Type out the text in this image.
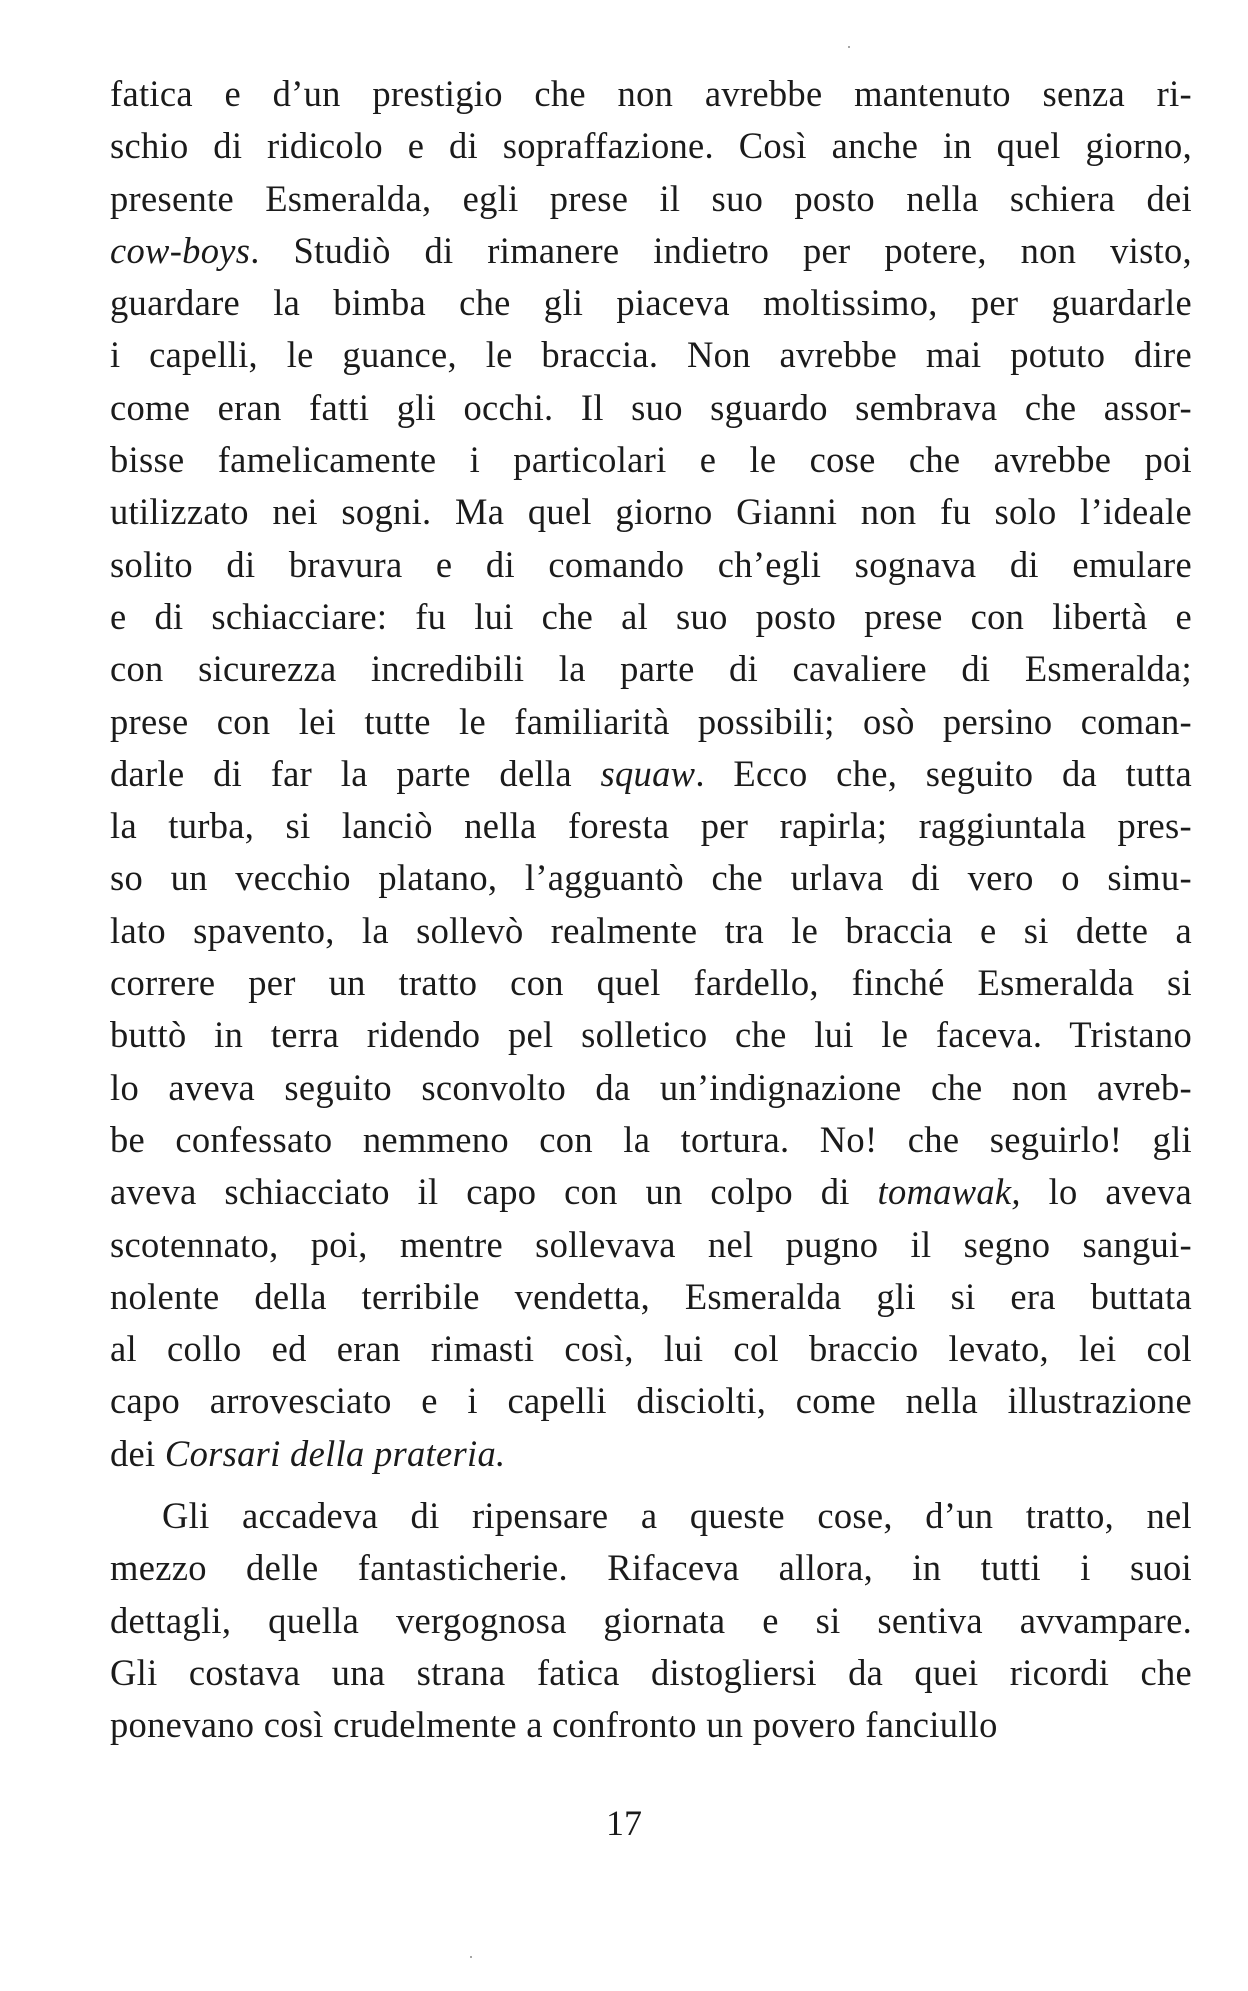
fatica e d’un prestigio che non avrebbe mantenuto senza ri-
schio di ridicolo e di sopraffazione. Così anche in quel giorno,
presente Esmeralda, egli prese il suo posto nella schiera dei
cow-boys. Studiò di rimanere indietro per potere, non visto,
guardare la bimba che gli piaceva moltissimo, per guardarle
i capelli, le guance, le braccia. Non avrebbe mai potuto dire
come eran fatti gli occhi. Il suo sguardo sembrava che assor-
bisse famelicamente i particolari e le cose che avrebbe poi
utilizzato nei sogni. Ma quel giorno Gianni non fu solo l’ideale
solito di bravura e di comando ch’egli sognava di emulare
e di schiacciare: fu lui che al suo posto prese con libertà e
con sicurezza incredibili la parte di cavaliere di Esmeralda;
prese con lei tutte le familiarità possibili; osò persino coman-
darle di far la parte della squaw. Ecco che, seguito da tutta
la turba, si lanciò nella foresta per rapirla; raggiuntala pres-
so un vecchio platano, l’agguantò che urlava di vero o simu-
lato spavento, la sollevò realmente tra le braccia e si dette a
correre per un tratto con quel fardello, finché Esmeralda si
buttò in terra ridendo pel solletico che lui le faceva. Tristano
lo aveva seguito sconvolto da un’indignazione che non avreb-
be confessato nemmeno con la tortura. No! che seguirlo! gli
aveva schiacciato il capo con un colpo di tomawak, lo aveva
scotennato, poi, mentre sollevava nel pugno il segno sangui-
nolente della terribile vendetta, Esmeralda gli si era buttata
al collo ed eran rimasti così, lui col braccio levato, lei col
capo arrovesciato e i capelli disciolti, come nella illustrazione
dei Corsari della prateria.
Gli accadeva di ripensare a queste cose, d’un tratto, nel
mezzo delle fantasticherie. Rifaceva allora, in tutti i suoi
dettagli, quella vergognosa giornata e si sentiva avvampare.
Gli costava una strana fatica distogliersi da quei ricordi che
ponevano così crudelmente a confronto un povero fanciullo
17
